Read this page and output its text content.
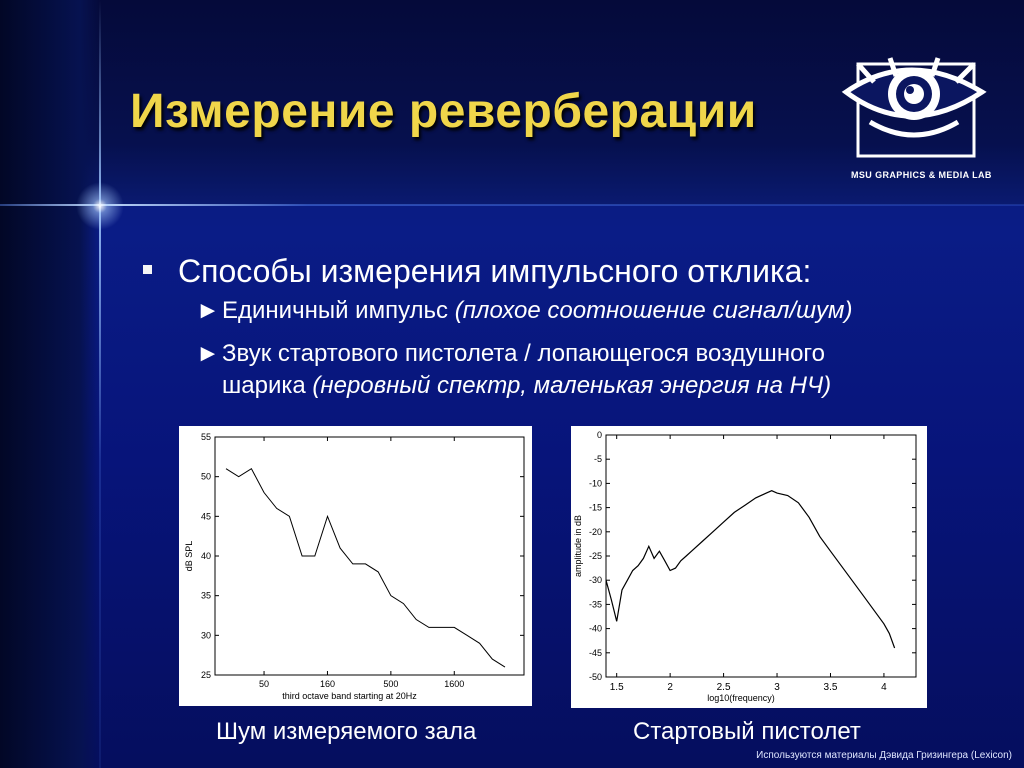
Измерение реверберации
MSU GRAPHICS & MEDIA LAB
Способы измерения импульсного отклика:
►Единичный импульс (плохое соотношение сигнал/шум)
►Звук стартового пистолета / лопающегося воздушного
шарика (неровный спектр, маленькая энергия на НЧ)
25
30
35
40
45
50
55
50	160	500	1600
third octave band starting at 20Hz
dB SPL
0
-5
-10
-15
-20
-25
-30
-35
-40
-45
-50
1.5	2	2.5	3	3.5	4
log10(frequency)
amplitude in dB
Шум измеряемого зала	Стартовый пистолет
Используются материалы Дэвида Гризингера (Lexicon)
